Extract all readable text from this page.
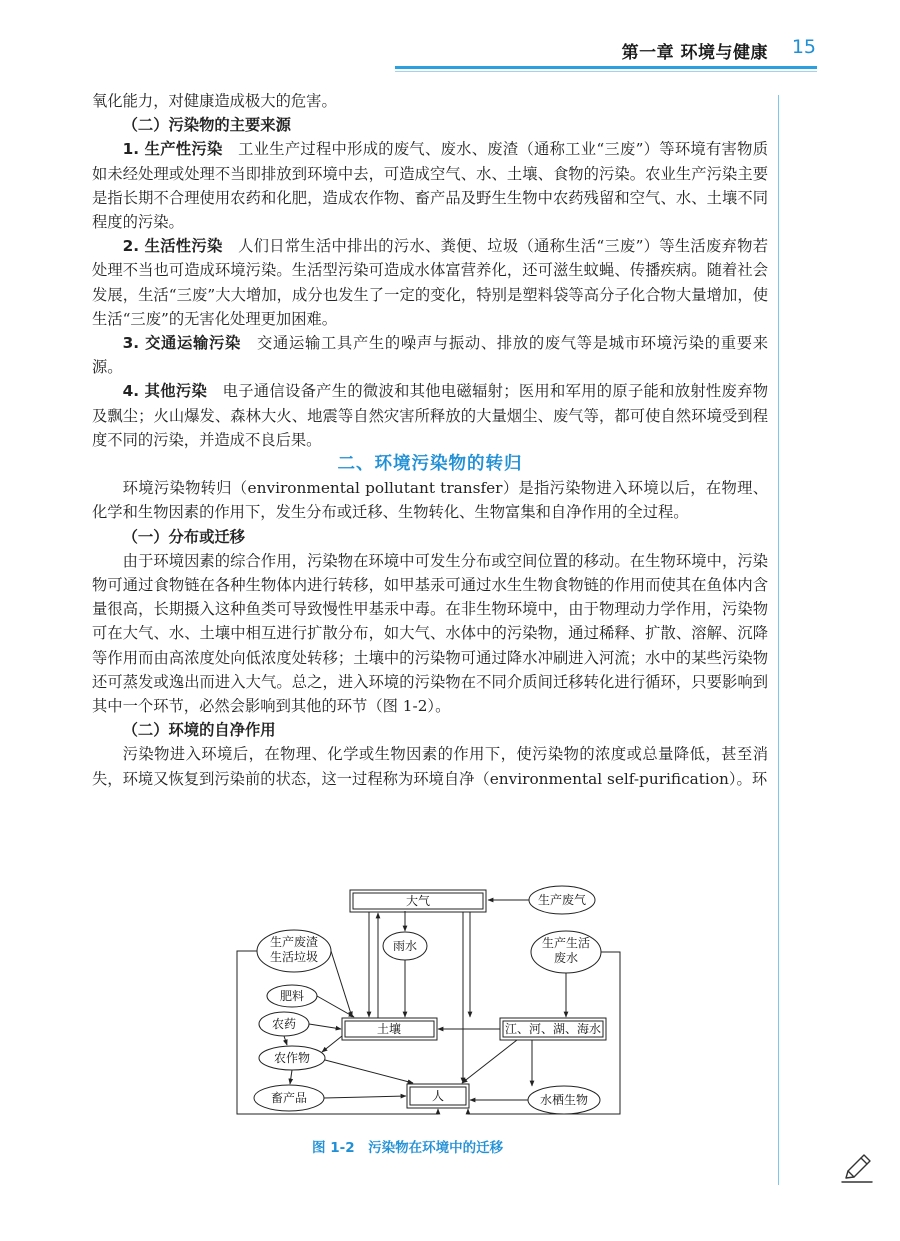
第一章 环境与健康 15

氧化能力，对健康造成极大的危害。

（二）污染物的主要来源

1. 生产性污染　工业生产过程中形成的废气、废水、废渣（通称工业“三废”）等环境有害物质如未经处理或处理不当即排放到环境中去，可造成空气、水、土壤、食物的污染。农业生产污染主要是指长期不合理使用农药和化肥，造成农作物、畜产品及野生生物中农药残留和空气、水、土壤不同程度的污染。

2. 生活性污染　人们日常生活中排出的污水、粪便、垃圾（通称生活“三废”）等生活废弃物若处理不当也可造成环境污染。生活型污染可造成水体富营养化，还可滋生蚊蝇、传播疾病。随着社会发展，生活“三废”大大增加，成分也发生了一定的变化，特别是塑料袋等高分子化合物大量增加，使生活“三废”的无害化处理更加困难。

3. 交通运输污染　交通运输工具产生的噪声与振动、排放的废气等是城市环境污染的重要来源。

4. 其他污染　电子通信设备产生的微波和其他电磁辐射；医用和军用的原子能和放射性废弃物及飘尘；火山爆发、森林大火、地震等自然灾害所释放的大量烟尘、废气等，都可使自然环境受到程度不同的污染，并造成不良后果。

二、环境污染物的转归

环境污染物转归（environmental pollutant transfer）是指污染物进入环境以后，在物理、化学和生物因素的作用下，发生分布或迁移、生物转化、生物富集和自净作用的全过程。

（一）分布或迁移

由于环境因素的综合作用，污染物在环境中可发生分布或空间位置的移动。在生物环境中，污染物可通过食物链在各种生物体内进行转移，如甲基汞可通过水生生物食物链的作用而使其在鱼体内含量很高，长期摄入这种鱼类可导致慢性甲基汞中毒。在非生物环境中，由于物理动力学作用，污染物可在大气、水、土壤中相互进行扩散分布，如大气、水体中的污染物，通过稀释、扩散、溶解、沉降等作用而由高浓度处向低浓度处转移；土壤中的污染物可通过降水冲刷进入河流；水中的某些污染物还可蒸发或逸出而进入大气。总之，进入环境的污染物在不同介质间迁移转化进行循环，只要影响到其中一个环节，必然会影响到其他的环节（图 1-2）。

（二）环境的自净作用

污染物进入环境后，在物理、化学或生物因素的作用下，使污染物的浓度或总量降低，甚至消失，环境又恢复到污染前的状态，这一过程称为环境自净（environmental self-purification）。环

大气	生产废气
雨水
生产废渣
生活垃圾
生产生活
废水
肥料
农药	土壤	江、河、湖、海水
农作物
畜产品	人	水栖生物
图 1-2　污染物在环境中的迁移
